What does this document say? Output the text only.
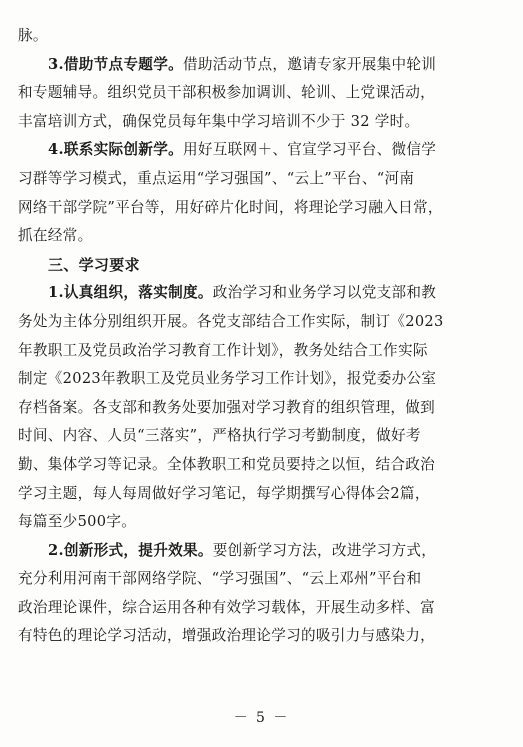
脉。
3.借助节点专题学。借助活动节点，邀请专家开展集中轮训
和专题辅导。组织党员干部积极参加调训、轮训、上党课活动，
丰富培训方式，确保党员每年集中学习培训不少于 32 学时。
4.联系实际创新学。用好互联网＋、官宣学习平台、微信学
习群等学习模式，重点运用“学习强国”、“云上”平台、“河南
网络干部学院”平台等，用好碎片化时间，将理论学习融入日常，
抓在经常。
三、学习要求
1.认真组织，落实制度。政治学习和业务学习以党支部和教
务处为主体分别组织开展。各党支部结合工作实际，制订《2023
年教职工及党员政治学习教育工作计划》，教务处结合工作实际
制定《2023年教职工及党员业务学习工作计划》，报党委办公室
存档备案。各支部和教务处要加强对学习教育的组织管理，做到
时间、内容、人员“三落实”，严格执行学习考勤制度，做好考
勤、集体学习等记录。全体教职工和党员要持之以恒，结合政治
学习主题，每人每周做好学习笔记，每学期撰写心得体会2篇，
每篇至少500字。
2.创新形式，提升效果。要创新学习方法，改进学习方式，
充分利用河南干部网络学院、“学习强国”、“云上邓州”平台和
政治理论课件，综合运用各种有效学习载体，开展生动多样、富
有特色的理论学习活动，增强政治理论学习的吸引力与感染力，
－ 5 －
